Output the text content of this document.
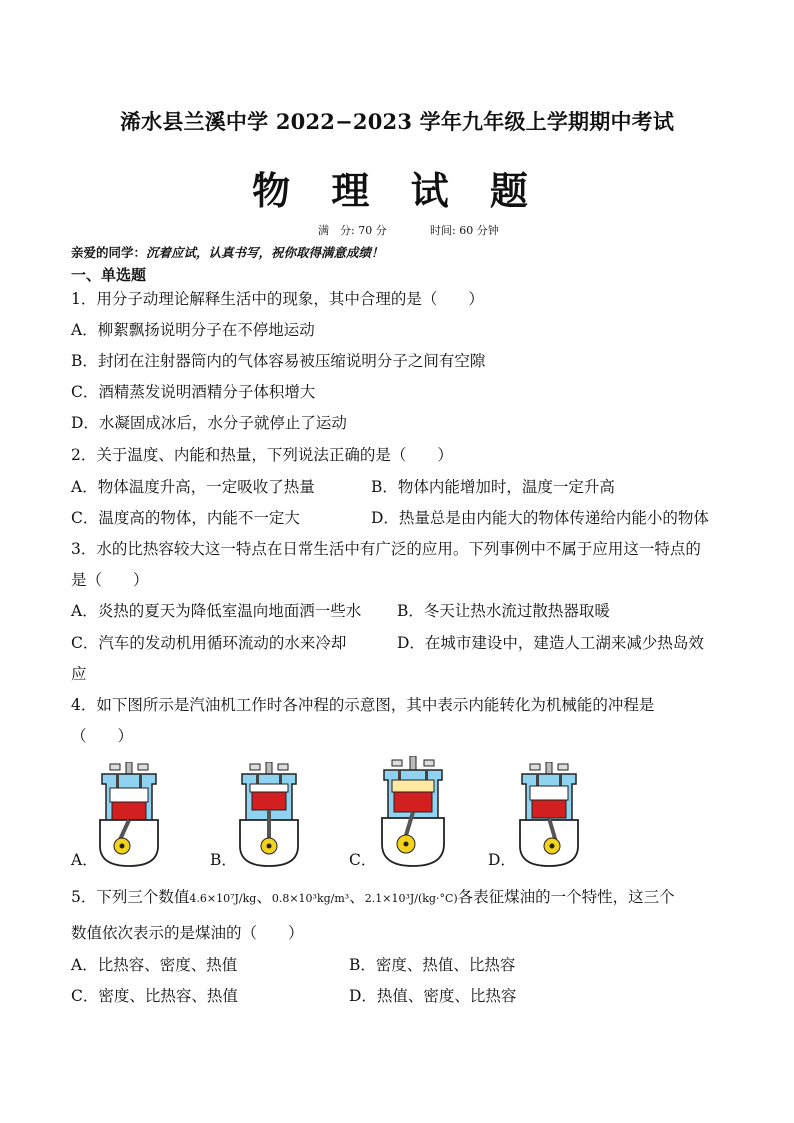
浠水县兰溪中学 2022−2023 学年九年级上学期期中考试
物 理 试 题
满　分: 70 分	时间: 60 分钟
亲爱的同学：沉着应试，认真书写，祝你取得满意成绩！
一、单选题
1．用分子动理论解释生活中的现象，其中合理的是（　　）
A．柳絮飘扬说明分子在不停地运动
B．封闭在注射器筒内的气体容易被压缩说明分子之间有空隙
C．酒精蒸发说明酒精分子体积增大
D．水凝固成冰后，水分子就停止了运动
2．关于温度、内能和热量，下列说法正确的是（　　）
A．物体温度升高，一定吸收了热量	B．物体内能增加时，温度一定升高
C．温度高的物体，内能不一定大	D．热量总是由内能大的物体传递给内能小的物体
3．水的比热容较大这一特点在日常生活中有广泛的应用。下列事例中不属于应用这一特点的
是（　　）
A．炎热的夏天为降低室温向地面洒一些水 B．冬天让热水流过散热器取暖
C．汽车的发动机用循环流动的水来冷却	D．在城市建设中，建造人工湖来减少热岛效
应
4．如下图所示是汽油机工作时各冲程的示意图，其中表示内能转化为机械能的冲程是
（　　）
A．	B．	C．	D．
5．下列三个数值4.6×10⁷J/kg、0.8×10³kg/m³、2.1×10³J/(kg·°C)各表征煤油的一个特性，这三个
数值依次表示的是煤油的（　　）
A．比热容、密度、热值	B．密度、热值、比热容
C．密度、比热容、热值	D．热值、密度、比热容
